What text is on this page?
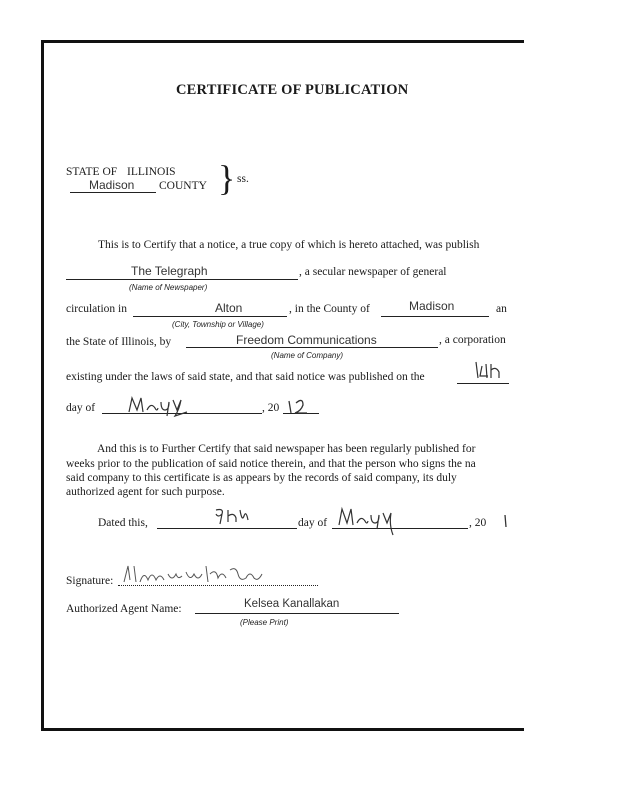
CERTIFICATE OF PUBLICATION
STATE OF ILLINOIS
Madison COUNTY } ss.
This is to Certify that a notice, a true copy of which is hereto attached, was publish
The Telegraph	, a secular newspaper of general
(Name of Newspaper)
circulation in	Alton	, in the County of	Madison	an
(City, Township or Village)
the State of Illinois, by	Freedom Communications	, a corporation
(Name of Company)
existing under the laws of said state, and that said notice was published on the
day of	, 20
And this is to Further Certify that said newspaper has been regularly published for
weeks prior to the publication of said notice therein, and that the person who signs the na
said company to this certificate is as appears by the records of said company, its duly
authorized agent for such purpose.
Dated this,	day of	, 20
Signature:
Authorized Agent Name:	Kelsea Kanallakan
(Please Print)
